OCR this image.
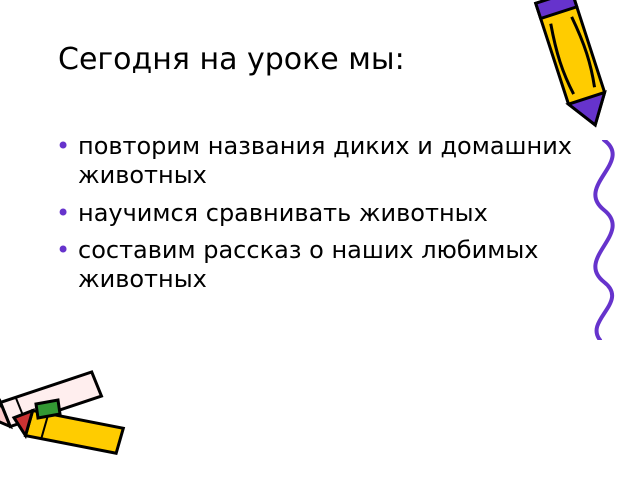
Сегодня на уроке мы:
• повторим названия диких и домашних животных
• научимся сравнивать животных
• составим рассказ о наших любимых животных
